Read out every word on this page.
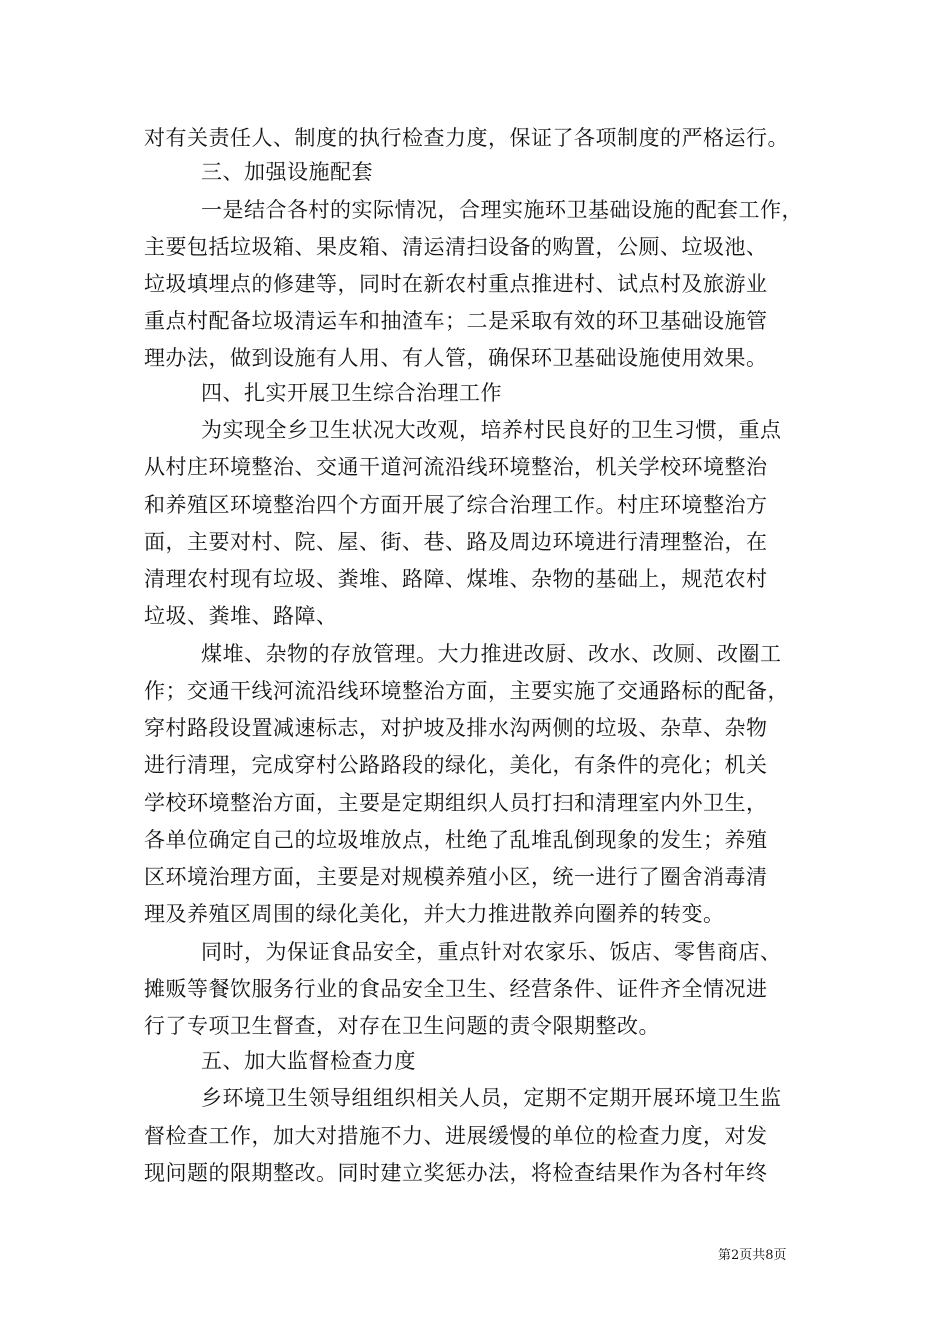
对有关责任人、制度的执行检查力度，保证了各项制度的严格运行。
三、加强设施配套
一是结合各村的实际情况，合理实施环卫基础设施的配套工作，
主要包括垃圾箱、果皮箱、清运清扫设备的购置，公厕、垃圾池、
垃圾填埋点的修建等，同时在新农村重点推进村、试点村及旅游业
重点村配备垃圾清运车和抽渣车；二是采取有效的环卫基础设施管
理办法，做到设施有人用、有人管，确保环卫基础设施使用效果。
四、扎实开展卫生综合治理工作
为实现全乡卫生状况大改观，培养村民良好的卫生习惯，重点
从村庄环境整治、交通干道河流沿线环境整治，机关学校环境整治
和养殖区环境整治四个方面开展了综合治理工作。村庄环境整治方
面，主要对村、院、屋、街、巷、路及周边环境进行清理整治，在
清理农村现有垃圾、粪堆、路障、煤堆、杂物的基础上，规范农村
垃圾、粪堆、路障、
煤堆、杂物的存放管理。大力推进改厨、改水、改厕、改圈工
作；交通干线河流沿线环境整治方面，主要实施了交通路标的配备，
穿村路段设置减速标志，对护坡及排水沟两侧的垃圾、杂草、杂物
进行清理，完成穿村公路路段的绿化，美化，有条件的亮化；机关
学校环境整治方面，主要是定期组织人员打扫和清理室内外卫生，
各单位确定自己的垃圾堆放点，杜绝了乱堆乱倒现象的发生；养殖
区环境治理方面，主要是对规模养殖小区，统一进行了圈舍消毒清
理及养殖区周围的绿化美化，并大力推进散养向圈养的转变。
同时，为保证食品安全，重点针对农家乐、饭店、零售商店、
摊贩等餐饮服务行业的食品安全卫生、经营条件、证件齐全情况进
行了专项卫生督查，对存在卫生问题的责令限期整改。
五、加大监督检查力度
乡环境卫生领导组组织相关人员，定期不定期开展环境卫生监
督检查工作，加大对措施不力、进展缓慢的单位的检查力度，对发
现问题的限期整改。同时建立奖惩办法，将检查结果作为各村年终
第2页共8页
